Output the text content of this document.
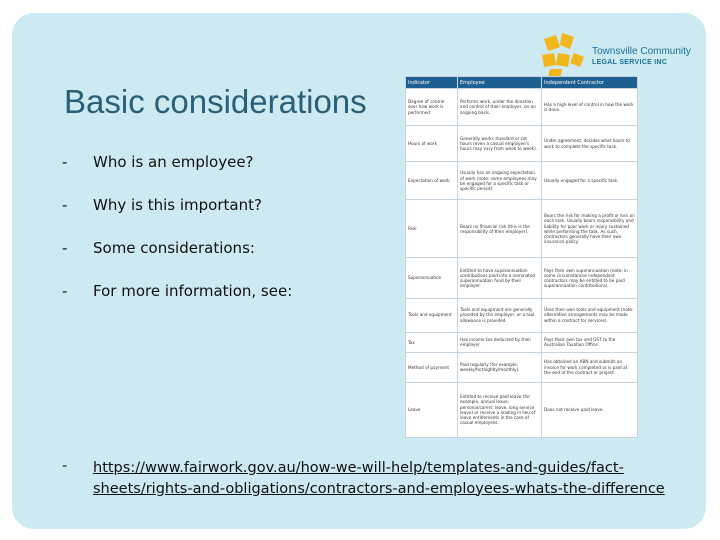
Townsville Community
LEGAL SERVICE INC
Basic considerations
- Who is an employee?
- Why is this important?
- Some considerations:
- For more information, see:
Indicator	Employee	Independent Contractor
Degree of control over how work is performed	Performs work, under the direction and control of their employer, on an ongoing basis.	Has a high level of control in how the work is done.
Hours of work	Generally works standard or set hours (even a casual employee's hours may vary from week to week).	Under agreement, decides what hours to work to complete the specific task.
Expectation of work	Usually has an ongoing expectation of work (note: some employees may be engaged for a specific task or specific period).	Usually engaged for a specific task.
Risk	Bears no financial risk (this is the responsibility of their employer).	Bears the risk for making a profit or loss on each task. Usually bears responsibility and liability for poor work or injury sustained while performing the task. As such, contractors generally have their own insurance policy.
Superannuation	Entitled to have superannuation contributions paid into a nominated superannuation fund by their employer.	Pays their own superannuation (note: in some circumstances independent contractors may be entitled to be paid superannuation contributions).
Tools and equipment	Tools and equipment are generally provided by the employer, or a tool allowance is provided.	Uses their own tools and equipment (note: alternative arrangements may be made within a contract for services).
Tax	Has income tax deducted by their employer.	Pays their own tax and GST to the Australian Taxation Office.
Method of payment	Paid regularly (for example, weekly/fortnightly/monthly).	Has obtained an ABN and submits an invoice for work completed or is paid at the end of the contract or project.
Leave	Entitled to receive paid leave (for example, annual leave, personal/carers' leave, long service leave) or receive a loading in lieu of leave entitlements in the case of casual employees.	Does not receive paid leave.
- https://www.fairwork.gov.au/how-we-will-help/templates-and-guides/fact-sheets/rights-and-obligations/contractors-and-employees-whats-the-difference
